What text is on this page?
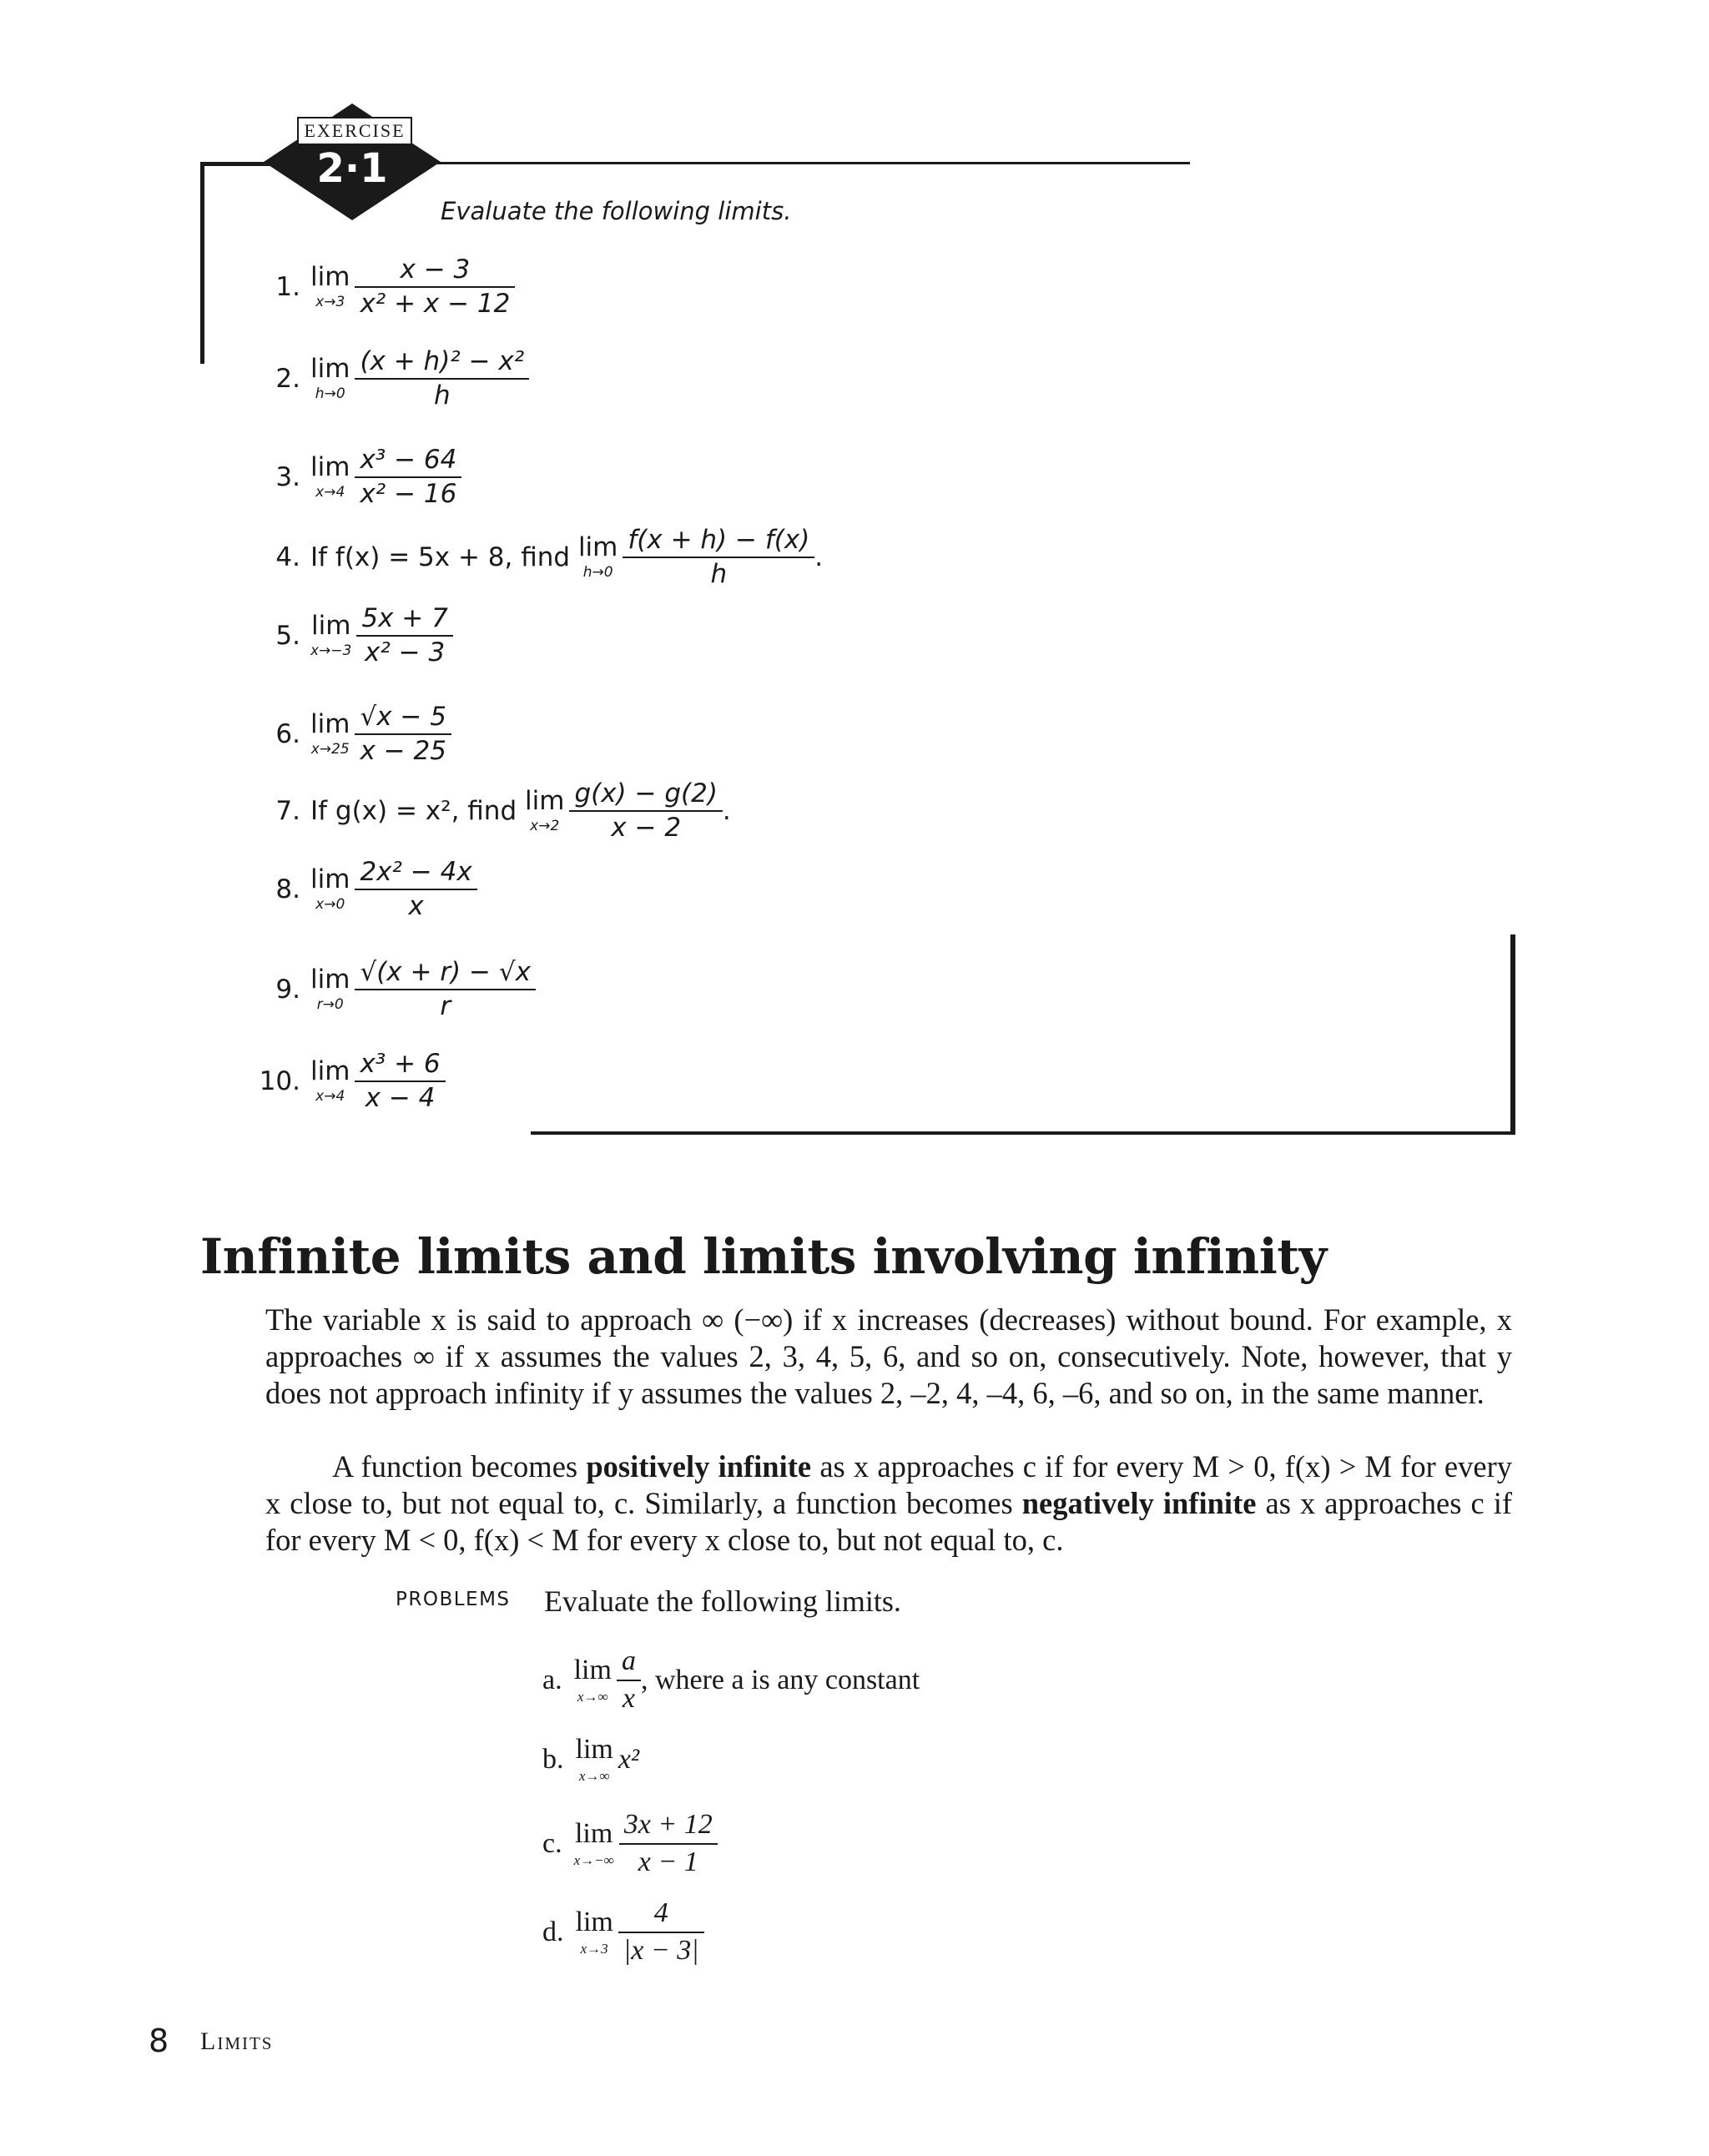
EXERCISE
2·1
Evaluate the following limits.
1. lim
$x\to 3 \frac{x - 3}{\text{x² + x − 12}}$
2. lim
$h\to 0 \frac{\text{(x + h)² − x²}}{h}$
3. lim
$x\to 4 \frac{\text{x³ − 64}}{\text{x² − 16}}$
4. If f(x) = 5x + 8, find lim
$h\to 0 \frac{f(x + h) - f(x)}{h}$ .
5. lim
$x\to-3 \frac{5x + 7}{\text{x² − 3}}$
6. lim
$x\to 25 \frac{√x - 5}{x - 25}$
7. If g(x) = x², find lim
$x\to 2 \frac{g(x) - g(2)}{x - 2}$ .
8. lim
$x\to 0 \frac{\text{2x² − 4x}}{x}$
9. lim
$r\to 0 \frac{√(x + r) - √x}{r}$
10. lim
$x\to 4 \frac{\text{x³ + 6}}{x - 4}$
Infinite limits and limits involving infinity

The variable x is said to approach ∞ (−∞) if x increases (decreases) without bound. For example, x approaches ∞ if x assumes the values 2, 3, 4, 5, 6, and so on, consecutively. Note, however, that y does not approach infinity if y assumes the values 2, –2, 4, –4, 6, –6, and so on, in the same manner.

A function becomes positively infinite as x approaches c if for every M > 0, f(x) > M for every x close to, but not equal to, c. Similarly, a function becomes negatively infinite as x approaches c if for every M < 0, f(x) < M for every x close to, but not equal to, c.

PROBLEMS Evaluate the following limits.
a. lim
$x\to\infty \frac{a}{x}$ , where a is any constant
b. lim
x→∞
x²
c. lim
$x\to-\infty \frac{3x + 12}{x - 1}$
d. lim
$x\to 3 \frac{4}{|x - 3|}$
8 Limits
